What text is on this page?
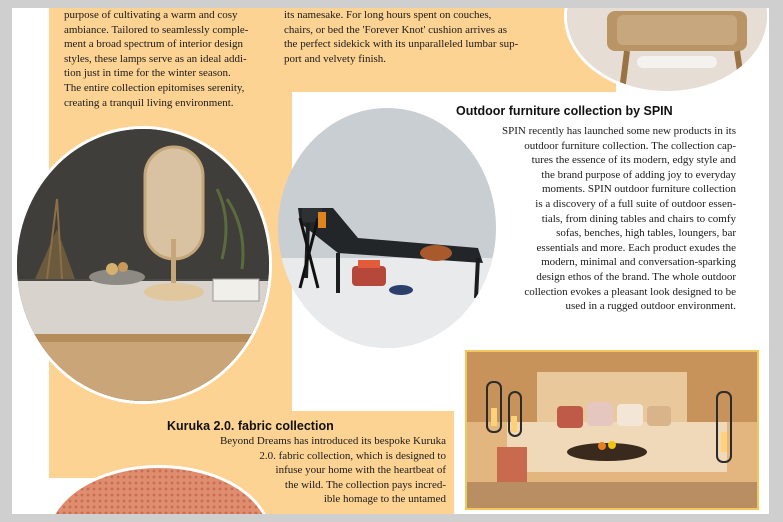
purpose of cultivating a warm and cosy
ambiance. Tailored to seamlessly comple-
ment a broad spectrum of interior design
styles, these lamps serve as an ideal addi-
tion just in time for the winter season.
The entire collection epitomises serenity,
creating a tranquil living environment.
its namesake. For long hours spent on couches,
chairs, or bed the 'Forever Knot' cushion arrives as
the perfect sidekick with its unparalleled lumbar sup-
port and velvety finish.
Outdoor furniture collection by SPIN
SPIN recently has launched some new products in its
outdoor furniture collection. The collection cap-
tures the essence of its modern, edgy style and
the brand purpose of adding joy to everyday
moments. SPIN outdoor furniture collection
is a discovery of a full suite of outdoor essen-
tials, from dining tables and chairs to comfy
sofas, benches, high tables, loungers, bar
essentials and more. Each product exudes the
modern, minimal and conversation-sparking
design ethos of the brand. The whole outdoor
collection evokes a pleasant look designed to be
used in a rugged outdoor environment.
Kuruka 2.0. fabric collection
Beyond Dreams has introduced its bespoke Kuruka
2.0. fabric collection, which is designed to
infuse your home with the heartbeat of
the wild. The collection pays incred-
ible homage to the untamed
